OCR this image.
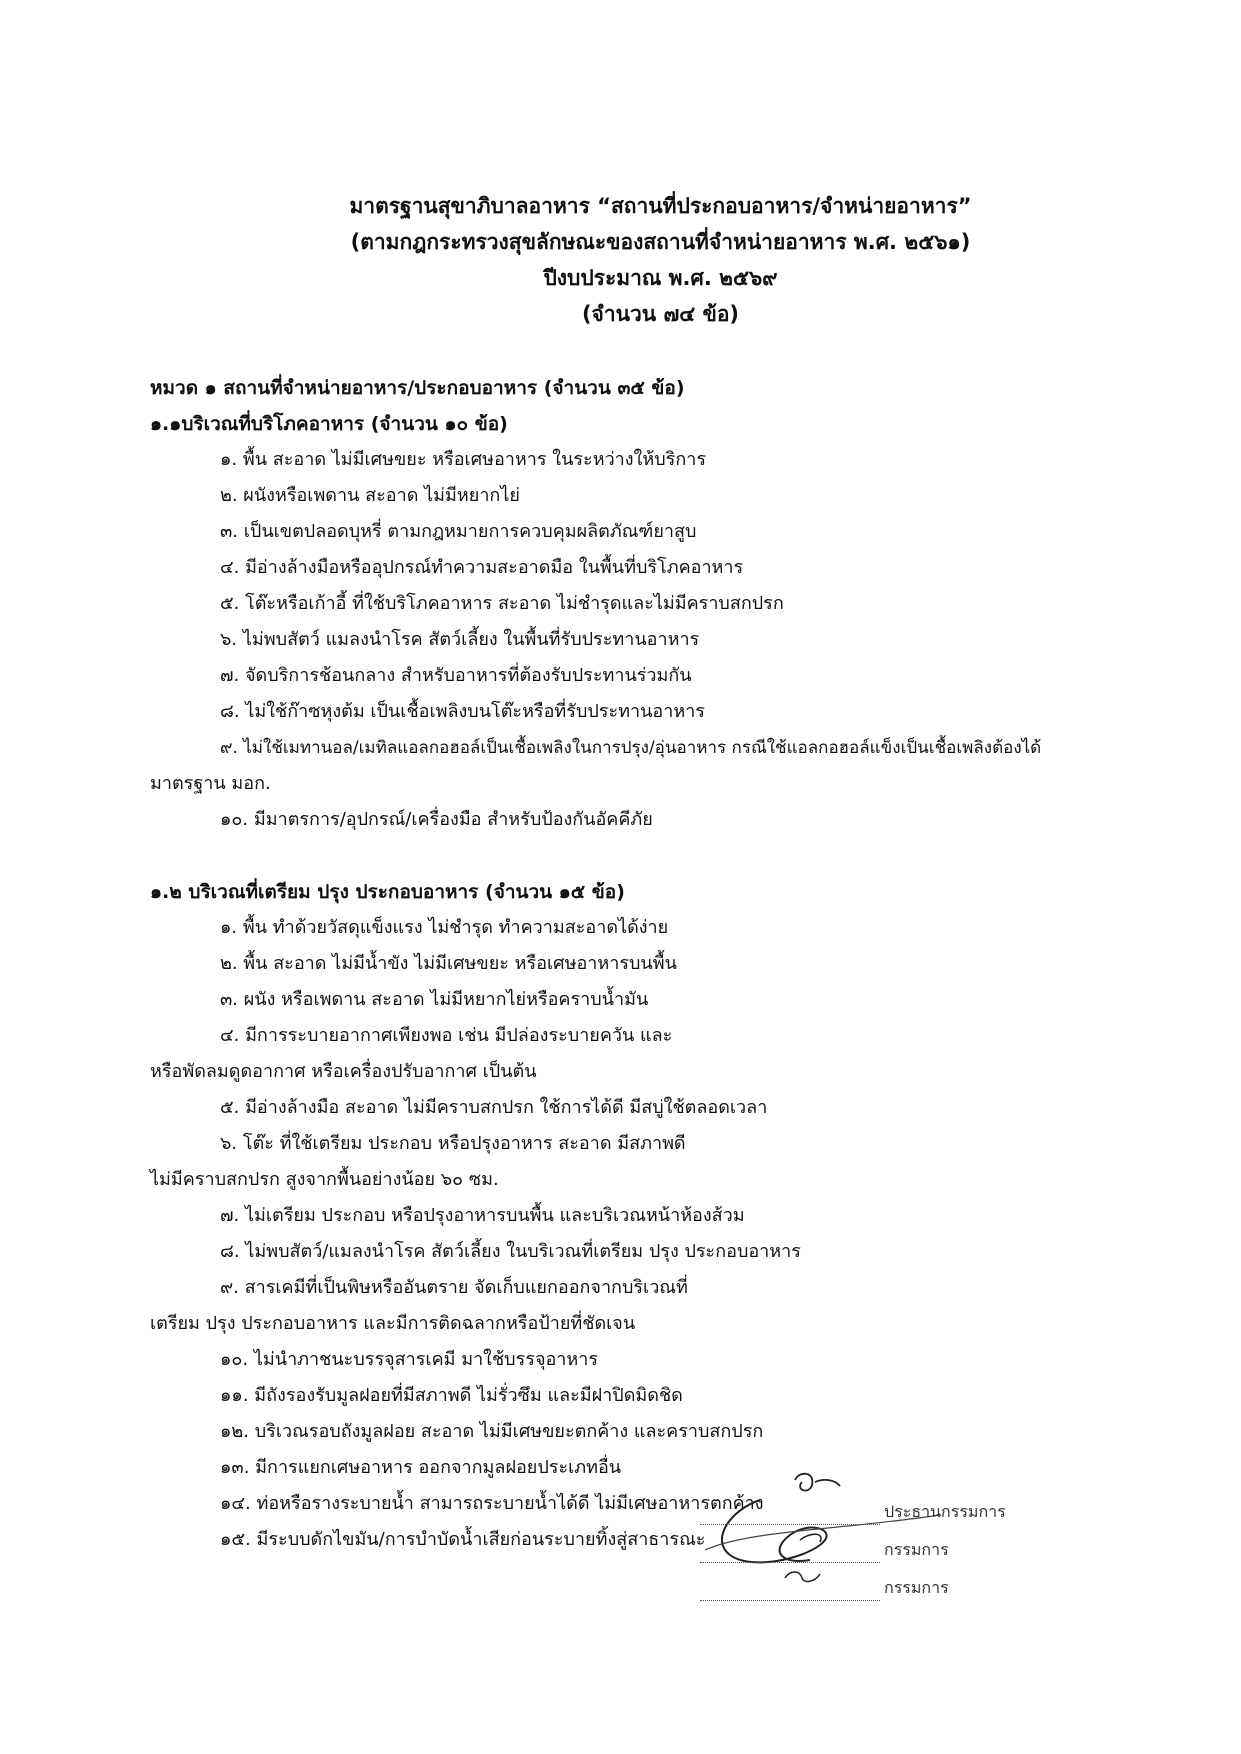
มาตรฐานสุขาภิบาลอาหาร “สถานที่ประกอบอาหาร/จำหน่ายอาหาร”
(ตามกฎกระทรวงสุขลักษณะของสถานที่จำหน่ายอาหาร พ.ศ. ๒๕๖๑)
ปีงบประมาณ พ.ศ. ๒๕๖๙
(จำนวน ๗๔ ข้อ)
หมวด ๑ สถานที่จำหน่ายอาหาร/ประกอบอาหาร (จำนวน ๓๕ ข้อ)
๑.๑บริเวณที่บริโภคอาหาร (จำนวน ๑๐ ข้อ)
๑. พื้น สะอาด ไม่มีเศษขยะ หรือเศษอาหาร ในระหว่างให้บริการ
๒. ผนังหรือเพดาน สะอาด ไม่มีหยากไย่
๓. เป็นเขตปลอดบุหรี่ ตามกฎหมายการควบคุมผลิตภัณฑ์ยาสูบ
๔. มีอ่างล้างมือหรืออุปกรณ์ทำความสะอาดมือ ในพื้นที่บริโภคอาหาร
๕. โต๊ะหรือเก้าอี้ ที่ใช้บริโภคอาหาร สะอาด ไม่ชำรุดและไม่มีคราบสกปรก
๖. ไม่พบสัตว์ แมลงนำโรค สัตว์เลี้ยง ในพื้นที่รับประทานอาหาร
๗. จัดบริการช้อนกลาง สำหรับอาหารที่ต้องรับประทานร่วมกัน
๘. ไม่ใช้ก๊าซหุงต้ม เป็นเชื้อเพลิงบนโต๊ะหรือที่รับประทานอาหาร
๙. ไม่ใช้เมทานอล/เมทิลแอลกอฮอล์เป็นเชื้อเพลิงในการปรุง/อุ่นอาหาร กรณีใช้แอลกอฮอล์แข็งเป็นเชื้อเพลิงต้องได้
มาตรฐาน มอก.
๑๐. มีมาตรการ/อุปกรณ์/เครื่องมือ สำหรับป้องกันอัคคีภัย
๑.๒ บริเวณที่เตรียม ปรุง ประกอบอาหาร (จำนวน ๑๕ ข้อ)
๑. พื้น ทำด้วยวัสดุแข็งแรง ไม่ชำรุด ทำความสะอาดได้ง่าย
๒. พื้น สะอาด ไม่มีน้ำขัง ไม่มีเศษขยะ หรือเศษอาหารบนพื้น
๓. ผนัง หรือเพดาน สะอาด ไม่มีหยากไย่หรือคราบน้ำมัน
๔. มีการระบายอากาศเพียงพอ เช่น มีปล่องระบายควัน และ
หรือพัดลมดูดอากาศ หรือเครื่องปรับอากาศ เป็นต้น
๕. มีอ่างล้างมือ สะอาด ไม่มีคราบสกปรก ใช้การได้ดี มีสบู่ใช้ตลอดเวลา
๖. โต๊ะ ที่ใช้เตรียม ประกอบ หรือปรุงอาหาร สะอาด มีสภาพดี
ไม่มีคราบสกปรก สูงจากพื้นอย่างน้อย ๖๐ ซม.
๗. ไม่เตรียม ประกอบ หรือปรุงอาหารบนพื้น และบริเวณหน้าห้องส้วม
๘. ไม่พบสัตว์/แมลงนำโรค สัตว์เลี้ยง ในบริเวณที่เตรียม ปรุง ประกอบอาหาร
๙. สารเคมีที่เป็นพิษหรืออันตราย จัดเก็บแยกออกจากบริเวณที่
เตรียม ปรุง ประกอบอาหาร และมีการติดฉลากหรือป้ายที่ชัดเจน
๑๐. ไม่นำภาชนะบรรจุสารเคมี มาใช้บรรจุอาหาร
๑๑. มีถังรองรับมูลฝอยที่มีสภาพดี ไม่รั่วซึม และมีฝาปิดมิดชิด
๑๒. บริเวณรอบถังมูลฝอย สะอาด ไม่มีเศษขยะตกค้าง และคราบสกปรก
๑๓. มีการแยกเศษอาหาร ออกจากมูลฝอยประเภทอื่น
๑๔. ท่อหรือรางระบายน้ำ สามารถระบายน้ำได้ดี ไม่มีเศษอาหารตกค้าง
๑๕. มีระบบดักไขมัน/การบำบัดน้ำเสียก่อนระบายทิ้งสู่สาธารณะ
ประธานกรรมการ
กรรมการ
กรรมการ
